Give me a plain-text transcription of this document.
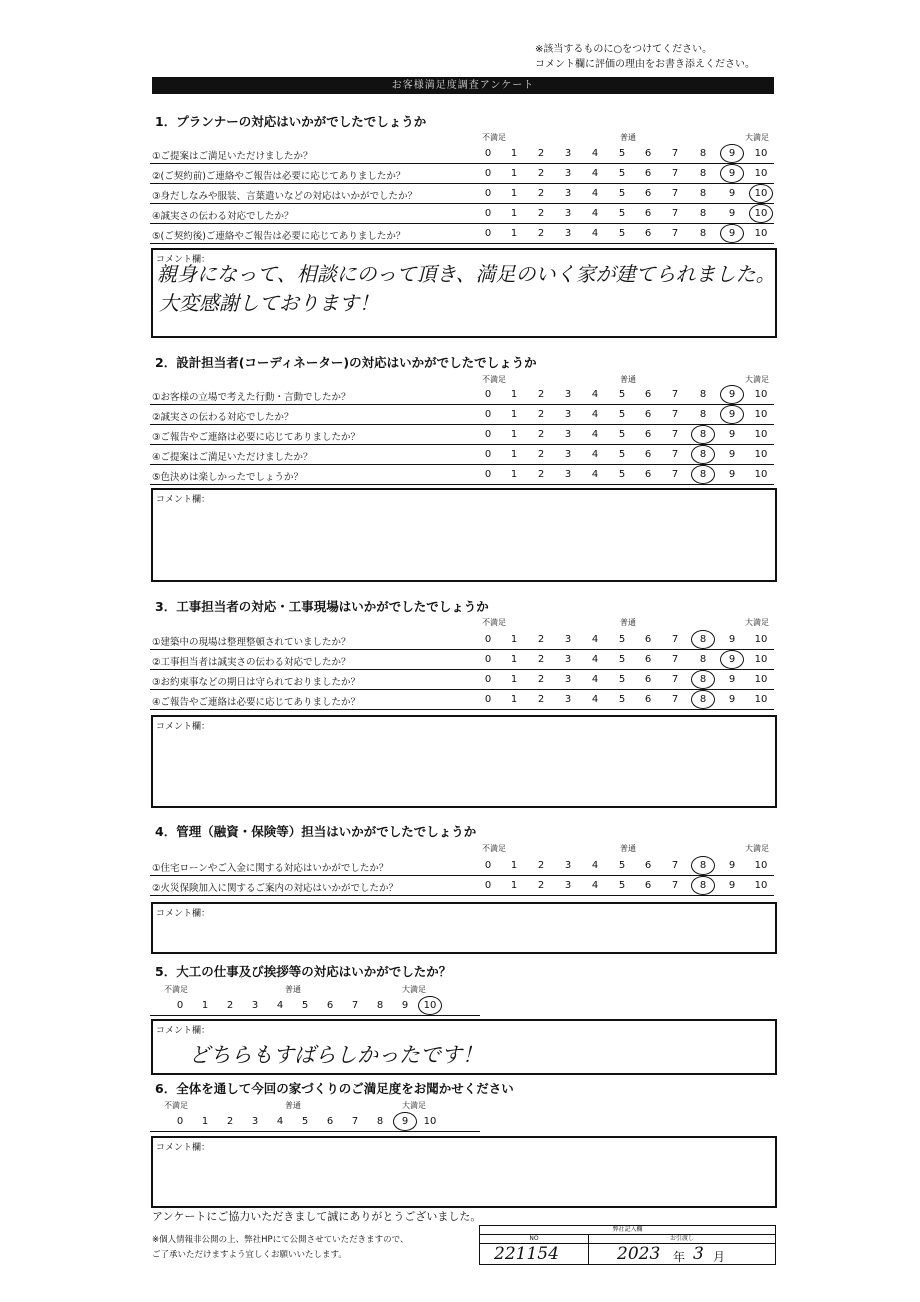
※該当するものに○をつけてください。
コメント欄に評価の理由をお書き添えください。
お客様満足度調査アンケート
1．プランナーの対応はいかがでしたでしょうか
不満足	普通	大満足
①ご提案はご満足いただけましたか？	0	1	2	3	4	5	6	7	8	9	10
②(ご契約前)ご連絡やご報告は必要に応じてありましたか？	0	1	2	3	4	5	6	7	8	9	10
③身だしなみや服装、言葉遣いなどの対応はいかがでしたか？	0	1	2	3	4	5	6	7	8	9	10
④誠実さの伝わる対応でしたか？	0	1	2	3	4	5	6	7	8	9	10
⑤(ご契約後)ご連絡やご報告は必要に応じてありましたか？	0	1	2	3	4	5	6	7	8	9	10
コメント欄：
親身になって、相談にのって頂き、満足のいく家が建てられました。
大変感謝しております！
2．設計担当者(コーディネーター)の対応はいかがでしたでしょうか
不満足	普通	大満足
①お客様の立場で考えた行動・言動でしたか？	0	1	2	3	4	5	6	7	8	9	10
②誠実さの伝わる対応でしたか？	0	1	2	3	4	5	6	7	8	9	10
③ご報告やご連絡は必要に応じてありましたか？	0	1	2	3	4	5	6	7	8	9	10
④ご提案はご満足いただけましたか？	0	1	2	3	4	5	6	7	8	9	10
⑤色決めは楽しかったでしょうか？	0	1	2	3	4	5	6	7	8	9	10
コメント欄：
3．工事担当者の対応・工事現場はいかがでしたでしょうか
不満足	普通	大満足
①建築中の現場は整理整頓されていましたか？	0	1	2	3	4	5	6	7	8	9	10
②工事担当者は誠実さの伝わる対応でしたか？	0	1	2	3	4	5	6	7	8	9	10
③お約束事などの期日は守られておりましたか？	0	1	2	3	4	5	6	7	8	9	10
④ご報告やご連絡は必要に応じてありましたか？	0	1	2	3	4	5	6	7	8	9	10
コメント欄：
4．管理（融資・保険等）担当はいかがでしたでしょうか
不満足	普通	大満足
①住宅ローンやご入金に関する対応はいかがでしたか？	0	1	2	3	4	5	6	7	8	9	10
②火災保険加入に関するご案内の対応はいかがでしたか？	0	1	2	3	4	5	6	7	8	9	10
コメント欄：
5．大工の仕事及び挨拶等の対応はいかがでしたか？
不満足	普通	大満足
0	1	2	3	4	5	6	7	8	9	10
コメント欄：
どちらもすばらしかったです！
6．全体を通して今回の家づくりのご満足度をお聞かせください
不満足	普通	大満足
0	1	2	3	4	5	6	7	8	9	10
コメント欄：
アンケートにご協力いただきまして誠にありがとうございました。
※個人情報非公開の上、弊社HPにて公開させていただきますので、
ご了承いただけますよう宜しくお願いいたします。
弊社記入欄
NO
221154
お引渡し
2023 年 3 月
